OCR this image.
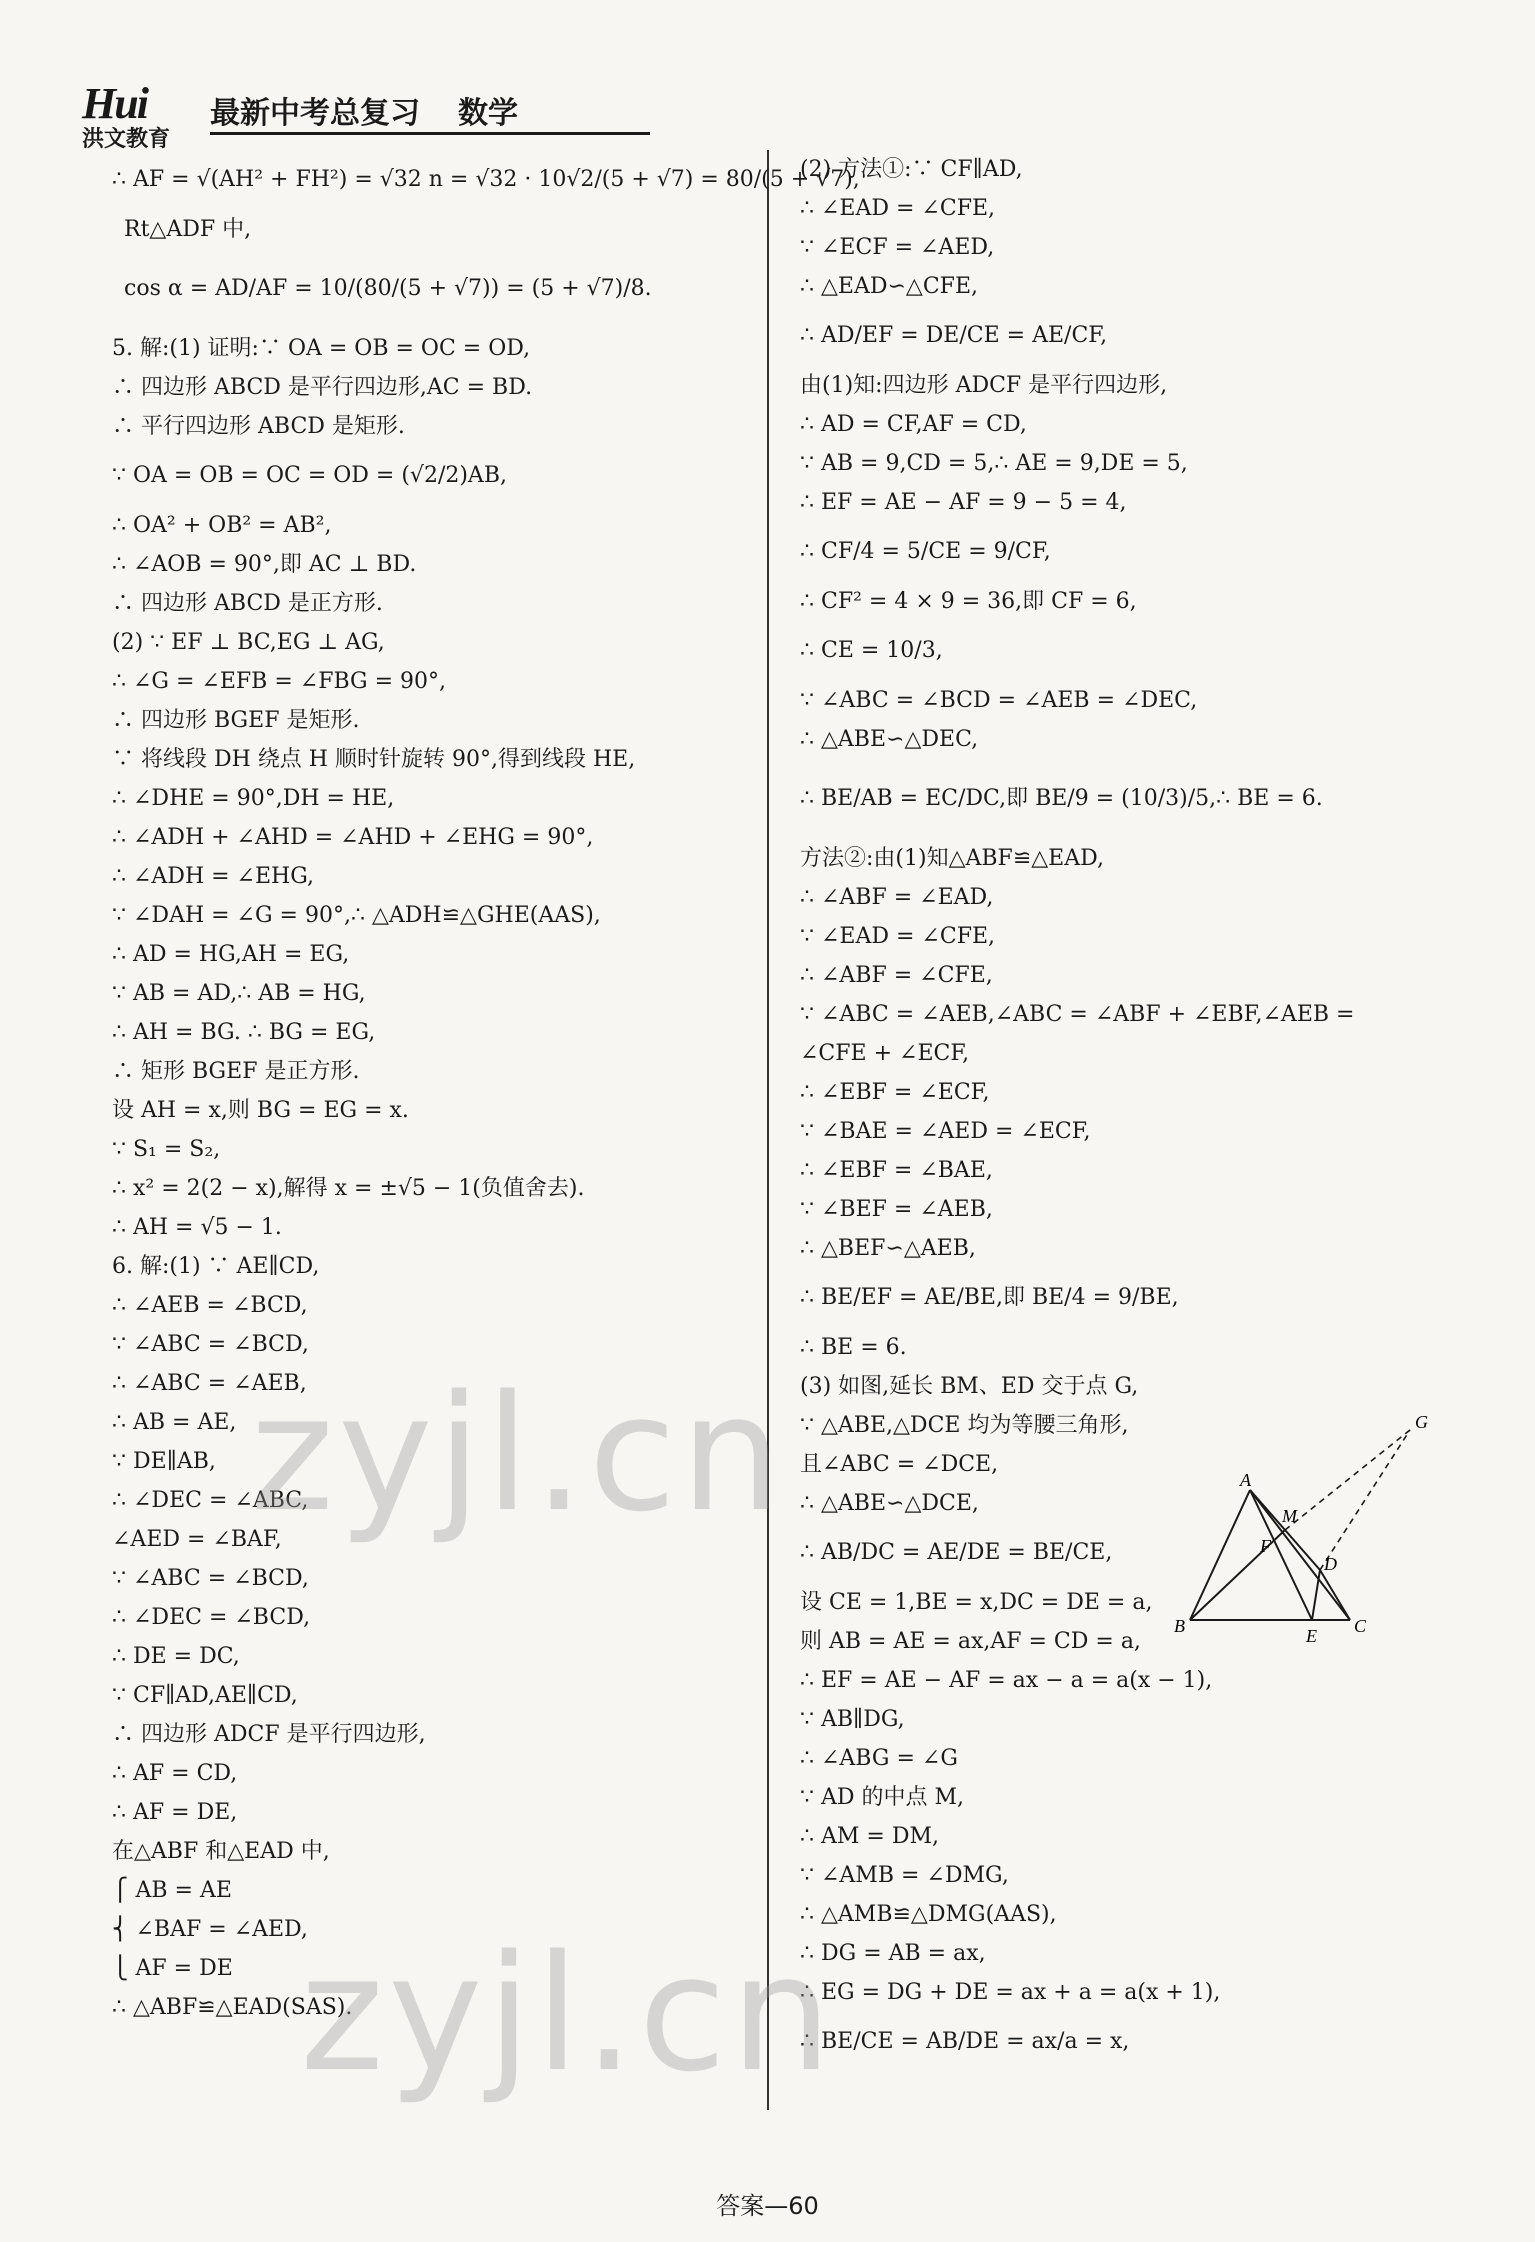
Hui
洪文教育
最新中考总复习 数学
∴ AF = √(AH² + FH²) = √32 n = √32 · 10√2/(5 + √7) = 80/(5 + √7),
Rt△ADF 中,
cos α = AD/AF = 10/(80/(5 + √7)) = (5 + √7)/8.
5. 解:(1) 证明:∵ OA = OB = OC = OD,
∴ 四边形 ABCD 是平行四边形,AC = BD.
∴ 平行四边形 ABCD 是矩形.
∵ OA = OB = OC = OD = (√2/2)AB,
∴ OA² + OB² = AB²,
∴ ∠AOB = 90°,即 AC ⊥ BD.
∴ 四边形 ABCD 是正方形.
(2) ∵ EF ⊥ BC,EG ⊥ AG,
∴ ∠G = ∠EFB = ∠FBG = 90°,
∴ 四边形 BGEF 是矩形.
∵ 将线段 DH 绕点 H 顺时针旋转 90°,得到线段 HE,
∴ ∠DHE = 90°,DH = HE,
∴ ∠ADH + ∠AHD = ∠AHD + ∠EHG = 90°,
∴ ∠ADH = ∠EHG,
∵ ∠DAH = ∠G = 90°,∴ △ADH≌△GHE(AAS),
∴ AD = HG,AH = EG,
∵ AB = AD,∴ AB = HG,
∴ AH = BG. ∴ BG = EG,
∴ 矩形 BGEF 是正方形.
设 AH = x,则 BG = EG = x.
∵ S₁ = S₂,
∴ x² = 2(2 − x),解得 x = ±√5 − 1(负值舍去).
∴ AH = √5 − 1.
6. 解:(1) ∵ AE∥CD,
∴ ∠AEB = ∠BCD,
∵ ∠ABC = ∠BCD,
∴ ∠ABC = ∠AEB,
∴ AB = AE,
∵ DE∥AB,
∴ ∠DEC = ∠ABC,
∠AED = ∠BAF,
∵ ∠ABC = ∠BCD,
∴ ∠DEC = ∠BCD,
∴ DE = DC,
∵ CF∥AD,AE∥CD,
∴ 四边形 ADCF 是平行四边形,
∴ AF = CD,
∴ AF = DE,
在△ABF 和△EAD 中,
⎧ AB = AE
⎨ ∠BAF = ∠AED,
⎩ AF = DE
∴ △ABF≌△EAD(SAS).
(2) 方法①:∵ CF∥AD,
∴ ∠EAD = ∠CFE,
∵ ∠ECF = ∠AED,
∴ △EAD∽△CFE,
∴ AD/EF = DE/CE = AE/CF,
由(1)知:四边形 ADCF 是平行四边形,
∴ AD = CF,AF = CD,
∵ AB = 9,CD = 5,∴ AE = 9,DE = 5,
∴ EF = AE − AF = 9 − 5 = 4,
∴ CF/4 = 5/CE = 9/CF,
∴ CF² = 4 × 9 = 36,即 CF = 6,
∴ CE = 10/3,
∵ ∠ABC = ∠BCD = ∠AEB = ∠DEC,
∴ △ABE∽△DEC,
∴ BE/AB = EC/DC,即 BE/9 = (10/3)/5,∴ BE = 6.
方法②:由(1)知△ABF≌△EAD,
∴ ∠ABF = ∠EAD,
∵ ∠EAD = ∠CFE,
∴ ∠ABF = ∠CFE,
∵ ∠ABC = ∠AEB,∠ABC = ∠ABF + ∠EBF,∠AEB =
∠CFE + ∠ECF,
∴ ∠EBF = ∠ECF,
∵ ∠BAE = ∠AED = ∠ECF,
∴ ∠EBF = ∠BAE,
∵ ∠BEF = ∠AEB,
∴ △BEF∽△AEB,
∴ BE/EF = AE/BE,即 BE/4 = 9/BE,
∴ BE = 6.
(3) 如图,延长 BM、ED 交于点 G,
∵ △ABE,△DCE 均为等腰三角形,
且∠ABC = ∠DCE,
∴ △ABE∽△DCE,
∴ AB/DC = AE/DE = BE/CE,
设 CE = 1,BE = x,DC = DE = a,
则 AB = AE = ax,AF = CD = a,
∴ EF = AE − AF = ax − a = a(x − 1),
∵ AB∥DG,
∴ ∠ABG = ∠G
∵ AD 的中点 M,
∴ AM = DM,
∵ ∠AMB = ∠DMG,
∴ △AMB≌△DMG(AAS),
∴ DG = AB = ax,
∴ EG = DG + DE = ax + a = a(x + 1),
∴ BE/CE = AB/DE = ax/a = x,
G
A
M
F
D
B	E C
zyjl.cn
zyjl.cn
答案—60
